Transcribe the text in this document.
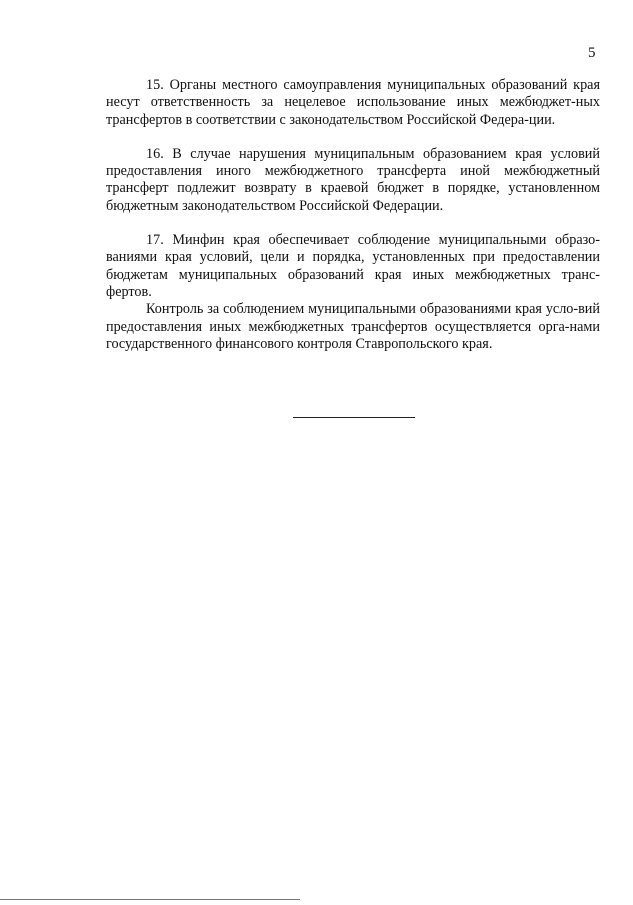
5

15. Органы местного самоуправления муниципальных образований края несут ответственность за нецелевое использование иных межбюджет-ных трансфертов в соответствии с законодательством Российской Федера-ции.

16. В случае нарушения муниципальным образованием края условий предоставления иного межбюджетного трансферта иной межбюджетный трансферт подлежит возврату в краевой бюджет в порядке, установленном бюджетным законодательством Российской Федерации.

17. Минфин края обеспечивает соблюдение муниципальными образо-ваниями края условий, цели и порядка, установленных при предоставлении бюджетам муниципальных образований края иных межбюджетных транс-фертов.

Контроль за соблюдением муниципальными образованиями края усло-вий предоставления иных межбюджетных трансфертов осуществляется орга-нами государственного финансового контроля Ставропольского края.
